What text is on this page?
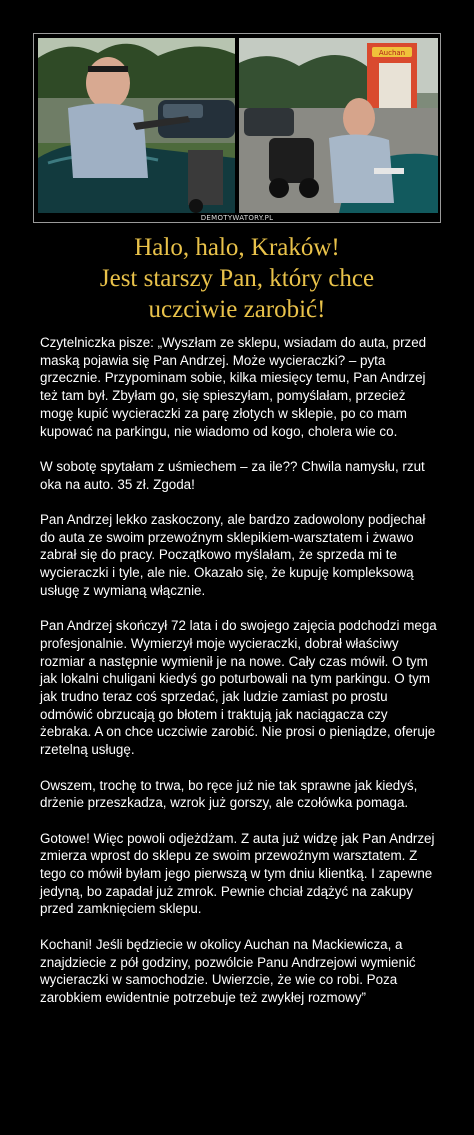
Auchan
DEMOTYWATORY.PL
Halo, halo, Kraków!
Jest starszy Pan, który chce
uczciwie zarobić!

Czytelniczka pisze: „Wyszłam ze sklepu, wsiadam do auta, przed maską pojawia się Pan Andrzej. Może wycieraczki? – pyta grzecznie. Przypominam sobie, kilka miesięcy temu, Pan Andrzej też tam był. Zbyłam go, się spieszyłam, pomyślałam, przecież mogę kupić wycieraczki za parę złotych w sklepie, po co mam kupować na parkingu, nie wiadomo od kogo, cholera wie co.

W sobotę spytałam z uśmiechem – za ile?? Chwila namysłu, rzut oka na auto. 35 zł. Zgoda!

Pan Andrzej lekko zaskoczony, ale bardzo zadowolony podjechał do auta ze swoim przewoźnym sklepikiem-warsztatem i żwawo zabrał się do pracy. Początkowo myślałam, że sprzeda mi te wycieraczki i tyle, ale nie. Okazało się, że kupuję kompleksową usługę z wymianą włącznie.

Pan Andrzej skończył 72 lata i do swojego zajęcia podchodzi mega profesjonalnie. Wymierzył moje wycieraczki, dobrał właściwy rozmiar a następnie wymienił je na nowe. Cały czas mówił. O tym jak lokalni chuligani kiedyś go poturbowali na tym parkingu. O tym jak trudno teraz coś sprzedać, jak ludzie zamiast po prostu odmówić obrzucają go błotem i traktują jak naciągacza czy żebraka. A on chce uczciwie zarobić. Nie prosi o pieniądze, oferuje rzetelną usługę.

Owszem, trochę to trwa, bo ręce już nie tak sprawne jak kiedyś, drżenie przeszkadza, wzrok już gorszy, ale czołówka pomaga.

Gotowe! Więc powoli odjeżdżam. Z auta już widzę jak Pan Andrzej zmierza wprost do sklepu ze swoim przewoźnym warsztatem. Z tego co mówił byłam jego pierwszą w tym dniu klientką. I zapewne jedyną, bo zapadał już zmrok. Pewnie chciał zdążyć na zakupy przed zamknięciem sklepu.

Kochani! Jeśli będziecie w okolicy Auchan na Mackiewicza, a znajdziecie z pół godziny, pozwólcie Panu Andrzejowi wymienić wycieraczki w samochodzie. Uwierzcie, że wie co robi. Poza zarobkiem ewidentnie potrzebuje też zwykłej rozmowy”
